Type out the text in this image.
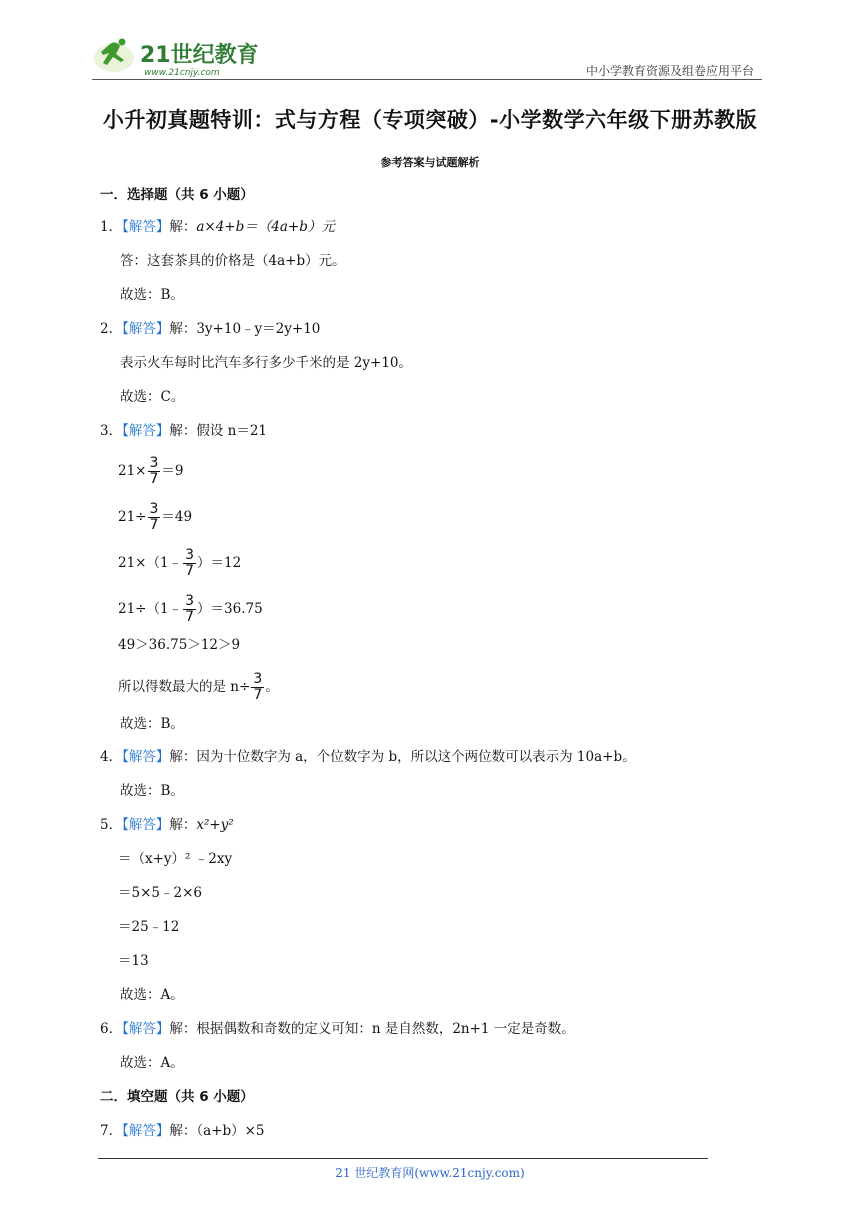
21世纪教育
www.21cnjy.com	中小学教育资源及组卷应用平台
小升初真题特训：式与方程（专项突破）-小学数学六年级下册苏教版
参考答案与试题解析
一．选择题（共 6 小题）
1．【解答】解：a×4+b＝（4a+b）元
答：这套茶具的价格是（4a+b）元。
故选：B。
2．【解答】解：3y+10﹣y＝2y+10
表示火车每时比汽车多行多少千米的是 2y+10。
故选：C。
3．【解答】解：假设 n＝21
$21\times \frac{3}{7} =9$
$21\div \frac{3}{7} =49$
21×（1﹣ $\frac{3}{7} )=12$
21÷（1﹣ $\frac{3}{7} )=36.75$
49＞36.75＞12＞9
所以得数最大的是 $n\div \frac{3}{7}$ 。
故选：B。
4．【解答】解：因为十位数字为 a，个位数字为 b，所以这个两位数可以表示为 10a+b。
故选：B。
5．【解答】解：x²+y²
＝（x+y）² ﹣2xy
＝5×5﹣2×6
＝25﹣12
＝13
故选：A。
6．【解答】解：根据偶数和奇数的定义可知：n 是自然数，2n+1 一定是奇数。
故选：A。
二．填空题（共 6 小题）
7．【解答】解：（a+b）×5
21 世纪教育网(www.21cnjy.com)
